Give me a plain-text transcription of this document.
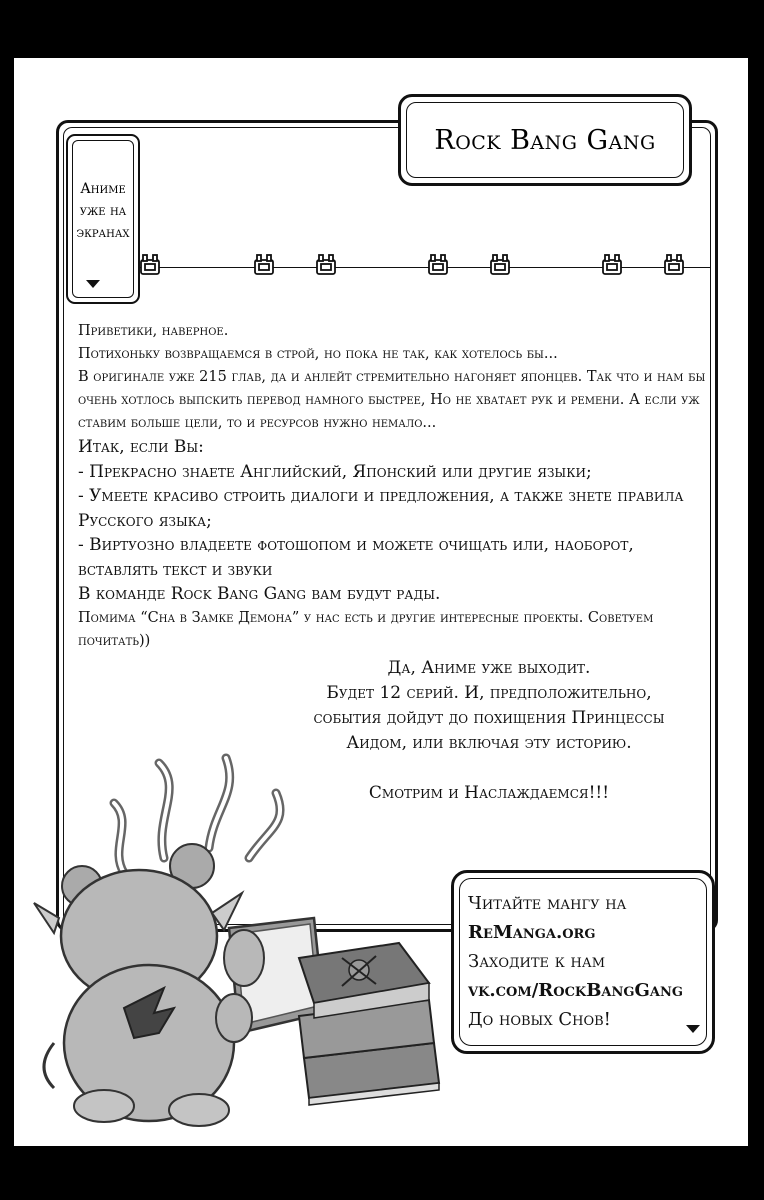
Rock Bang Gang
Аниме
уже на
экранах

Приветики, наверное.

Потихоньку возвращаемся в строй, но пока не так, как хотелось бы...

В оригинале уже 215 глав, да и анлейт стремительно нагоняет японцев. Так что и нам бы очень хотлось выпскить перевод намного быстрее, Но не хватает рук и ремени. А если уж ставим больше цели, то и ресурсов нужно немало...

Итак, если Вы:

- Прекрасно знаете Английский, Японский или другие языки;

- Умеете красиво строить диалоги и предложения, а также знете правила Русского языка;

- Виртуозно владеете фотошопом и можете очищать или, наоборот, вставлять текст и звуки

В команде Rock Bang Gang вам будут рады.

Помима “Сна в Замке Демона” у нас есть и другие интересные проекты. Советуем почитать))

Да, Аниме уже выходит.

Будет 12 серий. И, предположительно,

события дойдут до похищения Принцессы

Аидом, или включая эту историю.

Смотрим и Наслаждаемся!!!

Читайте мангу на
ReManga.org
Заходите к нам
vk.com/RockBangGang
До новых Снов!
